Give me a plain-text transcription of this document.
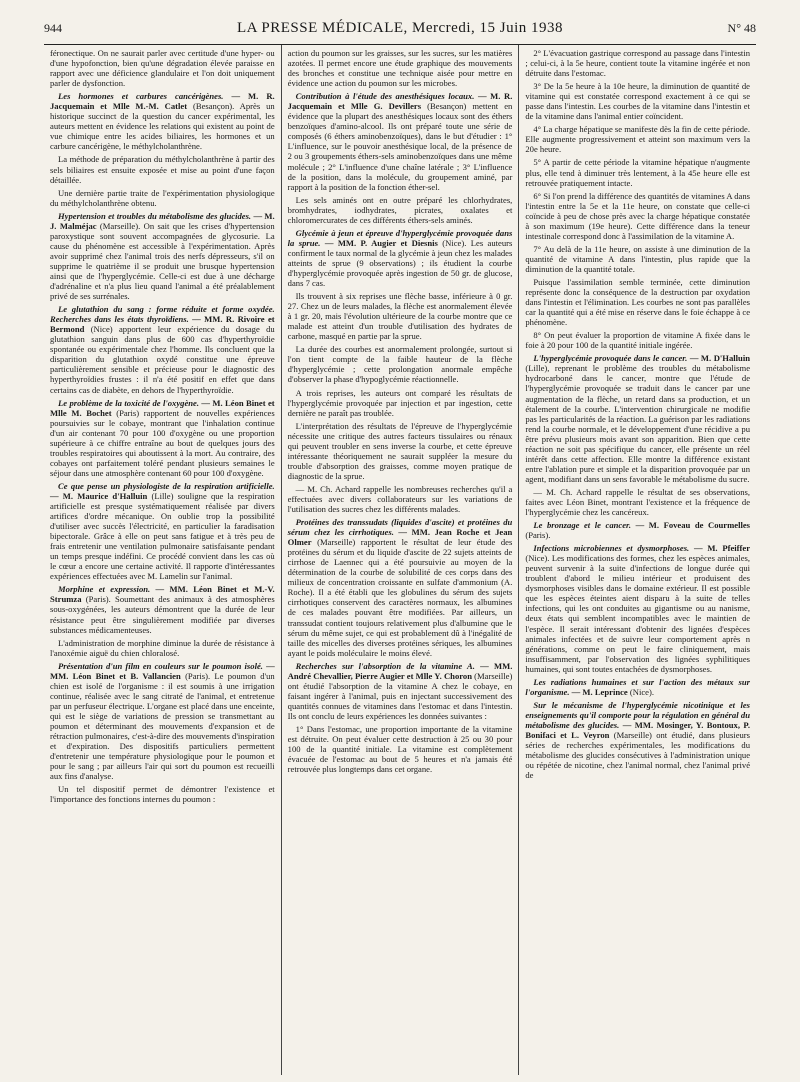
944	LA PRESSE MÉDICALE, Mercredi, 15 Juin 1938	N° 48

féronectique. On ne saurait parler avec certitude d'une hyper- ou d'une hypofonction, bien qu'une dégradation élevée paraisse en rapport avec une déficience glandulaire et l'on doit uniquement parler de dysfonction.

Les hormones et carbures cancérigènes. — M. R. Jacquemain et Mlle M.-M. Catlet (Besançon). Après un historique succinct de la question du cancer expérimental, les auteurs mettent en évidence les relations qui existent au point de vue chimique entre les acides biliaires, les hormones et un carbure cancérigène, le méthylcholanthrène.

La méthode de préparation du méthylcholanthrène à partir des sels biliaires est ensuite exposée et mise au point d'une façon détaillée.

Une dernière partie traite de l'expérimentation physiologique du méthylcholanthrène obtenu.

Hypertension et troubles du métabolisme des glucides. — M. J. Malméjac (Marseille). On sait que les crises d'hypertension paroxystique sont souvent accompagnées de glycosurie. La cause du phénomène est accessible à l'expérimentation. Après avoir supprimé chez l'animal trois des nerfs dépresseurs, s'il on supprime le quatrième il se produit une brusque hypertension ainsi que de l'hyperglycémie. Celle-ci est due à une décharge d'adrénaline et n'a plus lieu quand l'animal a été préalablement privé de ses surrénales.

Le glutathion du sang : forme réduite et forme oxydée. Recherches dans les états thyroïdiens. — MM. R. Rivoire et Bermond (Nice) apportent leur expérience du dosage du glutathion sanguin dans plus de 600 cas d'hyperthyroïdie spontanée ou expérimentale chez l'homme. Ils concluent que la disparition du glutathion oxydé constitue une épreuve particulièrement sensible et précieuse pour le diagnostic des hyperthyroïdies frustes : il n'a été positif en effet que dans certains cas de diabète, en dehors de l'hyperthyroïdie.

Le problème de la toxicité de l'oxygène. — M. Léon Binet et Mlle M. Bochet (Paris) rapportent de nouvelles expériences poursuivies sur le cobaye, montrant que l'inhalation continue d'un air contenant 70 pour 100 d'oxygène ou une proportion supérieure à ce chiffre entraîne au bout de quelques jours des troubles respiratoires qui aboutissent à la mort. Au contraire, des cobayes ont parfaitement toléré pendant plusieurs semaines le séjour dans une atmosphère contenant 60 pour 100 d'oxygène.

Ce que pense un physiologiste de la respiration artificielle. — M. Maurice d'Halluin (Lille) souligne que la respiration artificielle est presque systématiquement réalisée par divers artifices d'ordre mécanique. On oublie trop la possibilité d'utiliser avec succès l'électricité, en particulier la faradisation bipectorale. Grâce à elle on peut sans fatigue et à très peu de frais entretenir une ventilation pulmonaire satisfaisante pendant un temps presque indéfini. Ce procédé convient dans les cas où le cœur a encore une certaine activité. Il rapporte d'intéressantes expériences effectuées avec M. Lamelin sur l'animal.

Morphine et expression. — MM. Léon Binet et M.-V. Strumza (Paris). Soumettant des animaux à des atmosphères sous-oxygénées, les auteurs démontrent que la durée de leur résistance peut être singulièrement modifiée par diverses substances médicamenteuses.

L'administration de morphine diminue la durée de résistance à l'anoxémie aiguë du chien chloralosé.

Présentation d'un film en couleurs sur le poumon isolé. — MM. Léon Binet et B. Vallancien (Paris). Le poumon d'un chien est isolé de l'organisme : il est soumis à une irrigation continue, réalisée avec le sang citraté de l'animal, et entretenue par un perfuseur électrique. L'organe est placé dans une enceinte, qui est le siège de variations de pression se transmettant au poumon et déterminant des mouvements d'expansion et de rétraction pulmonaires, c'est-à-dire des mouvements d'inspiration et d'expiration. Des dispositifs particuliers permettent d'entretenir une température physiologique pour le poumon et pour le sang ; par ailleurs l'air qui sort du poumon est recueilli aux fins d'analyse.

Un tel dispositif permet de démontrer l'existence et l'importance des fonctions internes du poumon :

action du poumon sur les graisses, sur les sucres, sur les matières azotées. Il permet encore une étude graphique des mouvements des bronches et constitue une technique aisée pour mettre en évidence une action du poumon sur les microbes.

Contribution à l'étude des anesthésiques locaux. — M. R. Jacquemain et Mlle G. Devillers (Besançon) mettent en évidence que la plupart des anesthésiques locaux sont des éthers benzoïques d'amino-alcool. Ils ont préparé toute une série de composés (6 éthers aminobenzoïques), dans le but d'étudier : 1° L'influence, sur le pouvoir anesthésique local, de la présence de 2 ou 3 groupements éthers-sels aminobenzoïques dans une même molécule ; 2° L'influence d'une chaîne latérale ; 3° L'influence de la position, dans la molécule, du groupement aminé, par rapport à la position de la fonction éther-sel.

Les sels aminés ont en outre préparé les chlorhydrates, bromhydrates, iodhydrates, picrates, oxalates et chloromercurates de ces différents éthers-sels aminés.

Glycémie à jeun et épreuve d'hyperglycémie provoquée dans la sprue. — MM. P. Augier et Diesnis (Nice). Les auteurs confirment le taux normal de la glycémie à jeun chez les malades atteints de sprue (9 observations) ; ils étudient la courbe d'hyperglycémie provoquée après ingestion de 50 gr. de glucose, dans 7 cas.

Ils trouvent à six reprises une flèche basse, inférieure à 0 gr. 27. Chez un de leurs malades, la flèche est anormalement élevée à 1 gr. 20, mais l'évolution ultérieure de la courbe montre que ce malade est atteint d'un trouble d'utilisation des hydrates de carbone, masqué en partie par la sprue.

La durée des courbes est anormalement prolongée, surtout si l'on tient compte de la faible hauteur de la flèche d'hyperglycémie ; cette prolongation anormale empêche d'observer la phase d'hypoglycémie réactionnelle.

A trois reprises, les auteurs ont comparé les résultats de l'hyperglycémie provoquée par injection et par ingestion, cette dernière ne paraît pas troublée.

L'interprétation des résultats de l'épreuve de l'hyperglycémie nécessite une critique des autres facteurs tissulaires ou rénaux qui peuvent troubler en sens inverse la courbe, et cette épreuve intéressante théoriquement ne saurait suppléer la mesure du trouble d'absorption des graisses, comme moyen pratique de diagnostic de la sprue.

— M. Ch. Achard rappelle les nombreuses recherches qu'il a effectuées avec divers collaborateurs sur les variations de l'utilisation des sucres chez les différents malades.

Protéines des transsudats (liquides d'ascite) et protéines du sérum chez les cirrhotiques. — MM. Jean Roche et Jean Olmer (Marseille) rapportent le résultat de leur étude des protéines du sérum et du liquide d'ascite de 22 sujets atteints de cirrhose de Laennec qui a été poursuivie au moyen de la détermination de la courbe de solubilité de ces corps dans des milieux de concentration croissante en sulfate d'ammonium (A. Roche). Il a été établi que les globulines du sérum des sujets cirrhotiques conservent des caractères normaux, les albumines de ces malades pouvant être modifiées. Par ailleurs, un transsudat contient toujours relativement plus d'albumine que le sérum du même sujet, ce qui est probablement dû à l'inégalité de taille des micelles des diverses protéines sériques, les albumines ayant le poids moléculaire le moins élevé.

Recherches sur l'absorption de la vitamine A. — MM. André Chevallier, Pierre Augier et Mlle Y. Choron (Marseille) ont étudié l'absorption de la vitamine A chez le cobaye, en faisant ingérer à l'animal, puis en injectant successivement des quantités connues de vitamines dans l'estomac et dans l'intestin. Ils ont conclu de leurs expériences les données suivantes :

1° Dans l'estomac, une proportion importante de la vitamine est détruite. On peut évaluer cette destruction à 25 ou 30 pour 100 de la quantité initiale. La vitamine est complètement évacuée de l'estomac au bout de 5 heures et n'a jamais été retrouvée plus longtemps dans cet organe.

2° L'évacuation gastrique correspond au passage dans l'intestin ; celui-ci, à la 5e heure, contient toute la vitamine ingérée et non détruite dans l'estomac.

3° De la 5e heure à la 10e heure, la diminution de quantité de vitamine qui est constatée correspond exactement à ce qui se passe dans l'intestin. Les courbes de la vitamine dans l'intestin et de la vitamine dans l'animal entier coïncident.

4° La charge hépatique se manifeste dès la fin de cette période. Elle augmente progressivement et atteint son maximum vers la 20e heure.

5° A partir de cette période la vitamine hépatique n'augmente plus, elle tend à diminuer très lentement, à la 45e heure elle est retrouvée pratiquement intacte.

6° Si l'on prend la différence des quantités de vitamines A dans l'intestin entre la 5e et la 11e heure, on constate que celle-ci coïncide à peu de chose près avec la charge hépatique constatée à son maximum (19e heure). Cette différence dans la teneur intestinale correspond donc à l'assimilation de la vitamine A.

7° Au delà de la 11e heure, on assiste à une diminution de la quantité de vitamine A dans l'intestin, plus rapide que la diminution de la quantité totale.

Puisque l'assimilation semble terminée, cette diminution représente donc la conséquence de la destruction par oxydation dans l'intestin et l'élimination. Les courbes ne sont pas parallèles car la quantité qui a été mise en réserve dans le foie échappe à ce phénomène.

8° On peut évaluer la proportion de vitamine A fixée dans le foie à 20 pour 100 de la quantité initiale ingérée.

L'hyperglycémie provoquée dans le cancer. — M. D'Halluin (Lille), reprenant le problème des troubles du métabolisme hydrocarboné dans le cancer, montre que l'étude de l'hyperglycémie provoquée se traduit dans le cancer par une augmentation de la flèche, un retard dans sa production, et un étalement de la courbe. L'intervention chirurgicale ne modifie pas les particularités de la réaction. La guérison par les radiations rend la courbe normale, et le développement d'une récidive a pu être prévu plusieurs mois avant son apparition. Bien que cette réaction ne soit pas spécifique du cancer, elle présente un réel intérêt dans cette affection. Elle montre la différence existant entre l'ablation pure et simple et la disparition provoquée par un agent, modifiant dans un sens favorable le métabolisme du sucre.

— M. Ch. Achard rappelle le résultat de ses observations, faites avec Léon Binet, montrant l'existence et la fréquence de l'hyperglycémie chez les cancéreux.

Le bronzage et le cancer. — M. Foveau de Courmelles (Paris).

Infections microbiennes et dysmorphoses. — M. Pfeiffer (Nice). Les modifications des formes, chez les espèces animales, peuvent survenir à la suite d'infections de longue durée qui troublent d'abord le milieu intérieur et produisent des dysmorphoses visibles dans le domaine extérieur. Il est possible que les espèces éteintes aient disparu à la suite de telles infections, qui les ont conduites au gigantisme ou au nanisme, deux états qui semblent incompatibles avec le maintien de l'espèce. Il serait intéressant d'obtenir des lignées d'espèces animales infectées et de suivre leur comportement après n générations, comme on peut le faire cliniquement, mais insuffisamment, par l'observation des lignées syphilitiques humaines, qui sont toutes entachées de dysmorphoses.

Les radiations humaines et sur l'action des métaux sur l'organisme. — M. Leprince (Nice).

Sur le mécanisme de l'hyperglycémie nicotinique et les enseignements qu'il comporte pour la régulation en général du métabolisme des glucides. — MM. Mosinger, Y. Bontoux, P. Bonifaci et L. Veyron (Marseille) ont étudié, dans plusieurs séries de recherches expérimentales, les modifications du métabolisme des glucides consécutives à l'administration unique ou répétée de nicotine, chez l'animal normal, chez l'animal privé de
